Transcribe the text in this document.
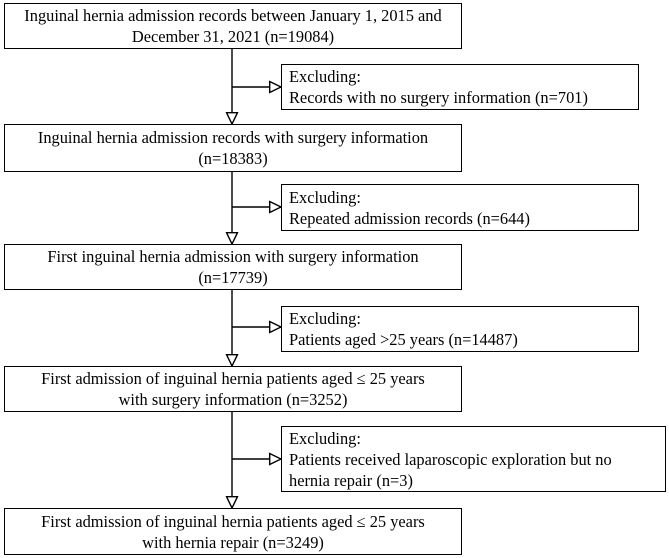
Inguinal hernia admission records between January 1, 2015 and
December 31, 2021 (n=19084)
Inguinal hernia admission records with surgery information
(n=18383)
First inguinal hernia admission with surgery information
(n=17739)
First admission of inguinal hernia patients aged ≤ 25 years
with surgery information (n=3252)
First admission of inguinal hernia patients aged ≤ 25 years
with hernia repair (n=3249)
Excluding:
Records with no surgery information (n=701)
Excluding:
Repeated admission records (n=644)
Excluding:
Patients aged >25 years (n=14487)
Excluding:
Patients received laparoscopic exploration but no
hernia repair (n=3)
